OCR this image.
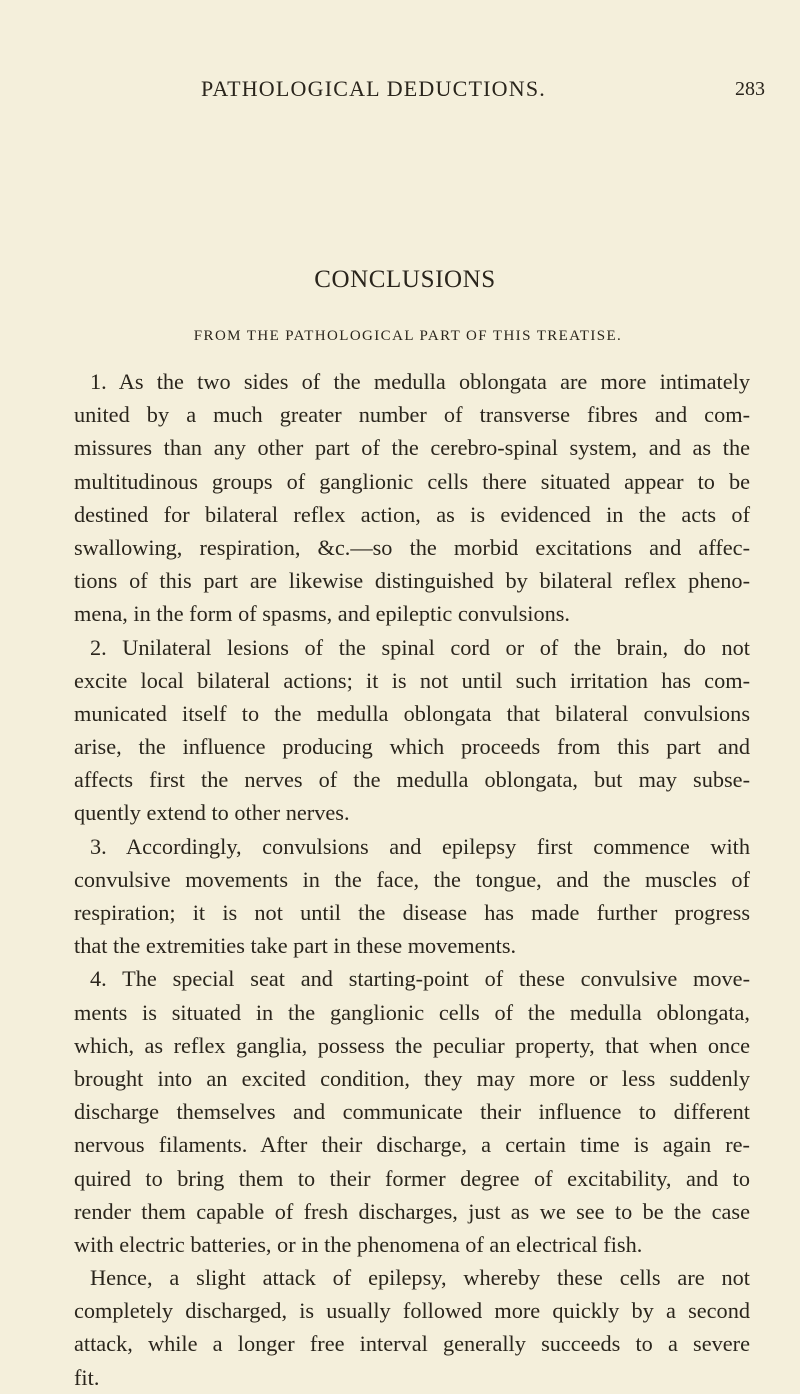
PATHOLOGICAL DEDUCTIONS.	283
CONCLUSIONS
FROM THE PATHOLOGICAL PART OF THIS TREATISE.
1. As the two sides of the medulla oblongata are more intimately
united by a much greater number of transverse fibres and com-
missures than any other part of the cerebro-spinal system, and as the
multitudinous groups of ganglionic cells there situated appear to be
destined for bilateral reflex action, as is evidenced in the acts of
swallowing, respiration, &c.—so the morbid excitations and affec-
tions of this part are likewise distinguished by bilateral reflex pheno-
mena, in the form of spasms, and epileptic convulsions.
2. Unilateral lesions of the spinal cord or of the brain, do not
excite local bilateral actions; it is not until such irritation has com-
municated itself to the medulla oblongata that bilateral convulsions
arise, the influence producing which proceeds from this part and
affects first the nerves of the medulla oblongata, but may subse-
quently extend to other nerves.
3. Accordingly, convulsions and epilepsy first commence with
convulsive movements in the face, the tongue, and the muscles of
respiration; it is not until the disease has made further progress
that the extremities take part in these movements.
4. The special seat and starting-point of these convulsive move-
ments is situated in the ganglionic cells of the medulla oblongata,
which, as reflex ganglia, possess the peculiar property, that when once
brought into an excited condition, they may more or less suddenly
discharge themselves and communicate their influence to different
nervous filaments. After their discharge, a certain time is again re-
quired to bring them to their former degree of excitability, and to
render them capable of fresh discharges, just as we see to be the case
with electric batteries, or in the phenomena of an electrical fish.
Hence, a slight attack of epilepsy, whereby these cells are not
completely discharged, is usually followed more quickly by a second
attack, while a longer free interval generally succeeds to a severe
fit.
